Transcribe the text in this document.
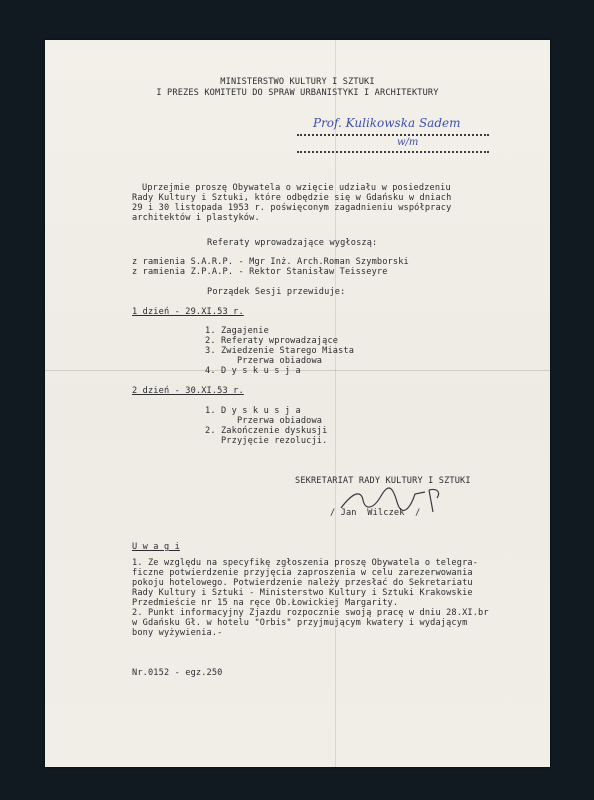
MINISTERSTWO KULTURY I SZTUKI
I PREZES KOMITETU DO SPRAW URBANISTYKI I ARCHITEKTURY
Prof. Kulikowska Sadem
w/m
Uprzejmie proszę Obywatela o wzięcie udziału w posiedzeniu
Rady Kultury i Sztuki, które odbędzie się w Gdańsku w dniach
29 i 30 listopada 1953 r. poświęconym zagadnieniu współpracy
architektów i plastyków.
Referaty wprowadzające wygłoszą:
z ramienia S.A.R.P. - Mgr Inż. Arch.Roman Szymborski
z ramienia Z.P.A.P. - Rektor Stanisław Teisseyre
Porządek Sesji przewiduje:
1 dzień - 29.XI.53 r.
1. Zagajenie
2. Referaty wprowadzające
3. Zwiedzenie Starego Miasta
Przerwa obiadowa
4. D y s k u s j a
2 dzień - 30.XI.53 r.
1. D y s k u s j a
Przerwa obiadowa
2. Zakończenie dyskusji
Przyjęcie rezolucji.
SEKRETARIAT RADY KULTURY I SZTUKI
/ Jan  Wilczek  /
U w a g i
1. Ze względu na specyfikę zgłoszenia proszę Obywatela o telegra-
ficzne potwierdzenie przyjęcia zaproszenia w celu zarezerwowania
pokoju hotelowego. Potwierdzenie należy przesłać do Sekretariatu
Rady Kultury i Sztuki - Ministerstwo Kultury i Sztuki Krakowskie
Przedmieście nr 15 na ręce Ob.Łowickiej Margarity.
2. Punkt informacyjny Zjazdu rozpocznie swoją pracę w dniu 28.XI.br
w Gdańsku Gł. w hotelu "Orbis" przyjmującym kwatery i wydającym
bony wyżywienia.-
Nr.0152 - egz.250
